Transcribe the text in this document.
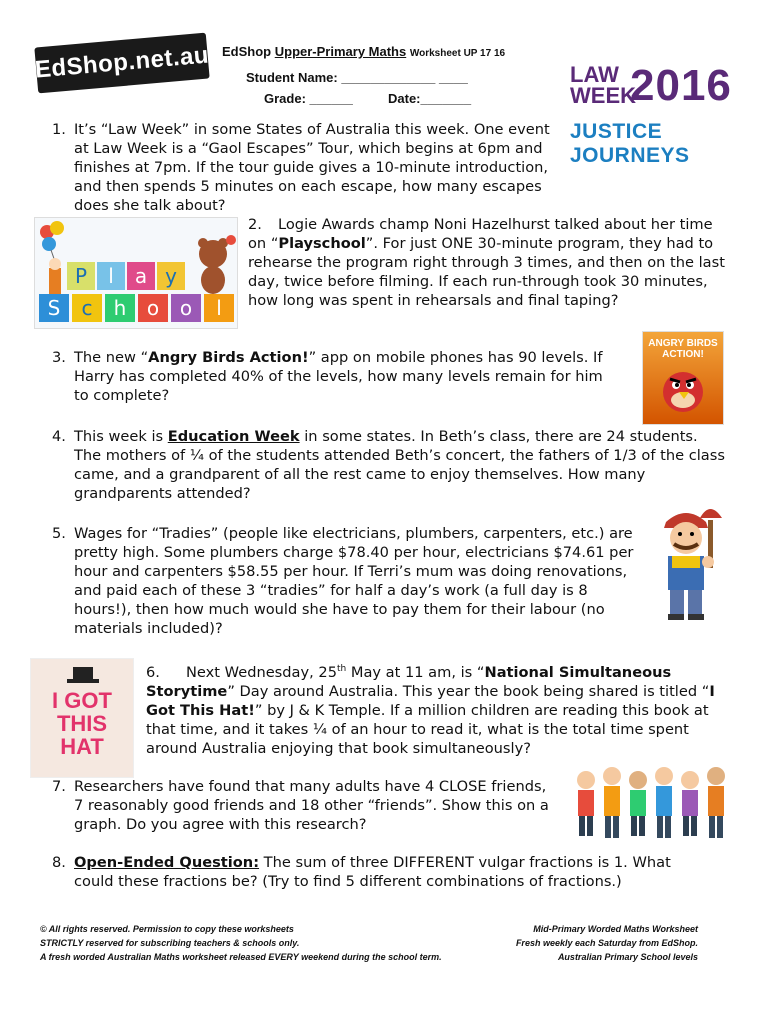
EdShop.net.au EdShop Upper-Primary Maths Worksheet UP 17 16
Student Name: _____________ ____
Grade: ______	Date:_______
LAW
WEEK
2016
JUSTICE JOURNEYS
1. It’s “Law Week” in some States of Australia this week. One event at Law Week is a “Gaol Escapes” Tour, which begins at 6pm and finishes at 7pm. If the tour guide gives a 10-minute introduction, and then spends 5 minutes on each escape, how many escapes does she talk about?
P	l	a y
S	c	h	o	o	l
2. Logie Awards champ Noni Hazelhurst talked about her time on “Playschool”. For just ONE 30-minute program, they had to rehearse the program right through 3 times, and then on the last day, twice before filming. If each run-through took 30 minutes, how long was spent in rehearsals and final taping?
3. The new “Angry Birds Action!” app on mobile phones has 90 levels. If Harry has completed 40% of the levels, how many levels remain for him to complete?
ANGRY BIRDS ACTION!
4. This week is Education Week in some states. In Beth’s class, there are 24 students. The mothers of ¼ of the students attended Beth’s concert, the fathers of 1/3 of the class came, and a grandparent of all the rest came to enjoy themselves. How many grandparents attended?
5. Wages for “Tradies” (people like electricians, plumbers, carpenters, etc.) are pretty high. Some plumbers charge $78.40 per hour, electricians $74.61 per hour and carpenters $58.55 per hour. If Terri’s mum was doing renovations, and paid each of these 3 “tradies” for half a day’s work (a full day is 8 hours!), then how much would she have to pay them for their labour (no materials included)?
I GOT
THIS
HAT
6. Next Wednesday, 25th May at 11 am, is “National Simultaneous Storytime” Day around Australia. This year the book being shared is titled “I Got This Hat!” by J & K Temple. If a million children are reading this book at that time, and it takes ¼ of an hour to read it, what is the total time spent around Australia enjoying that book simultaneously?
7. Researchers have found that many adults have 4 CLOSE friends, 7 reasonably good friends and 18 other “friends”. Show this on a graph. Do you agree with this research?
8. Open-Ended Question: The sum of three DIFFERENT vulgar fractions is 1. What could these fractions be? (Try to find 5 different combinations of fractions.)
© All rights reserved. Permission to copy these worksheets
STRICTLY reserved for subscribing teachers & schools only.
A fresh worded Australian Maths worksheet released EVERY weekend during the school term.
Mid-Primary Worded Maths Worksheet
Fresh weekly each Saturday from EdShop.
Australian Primary School levels
